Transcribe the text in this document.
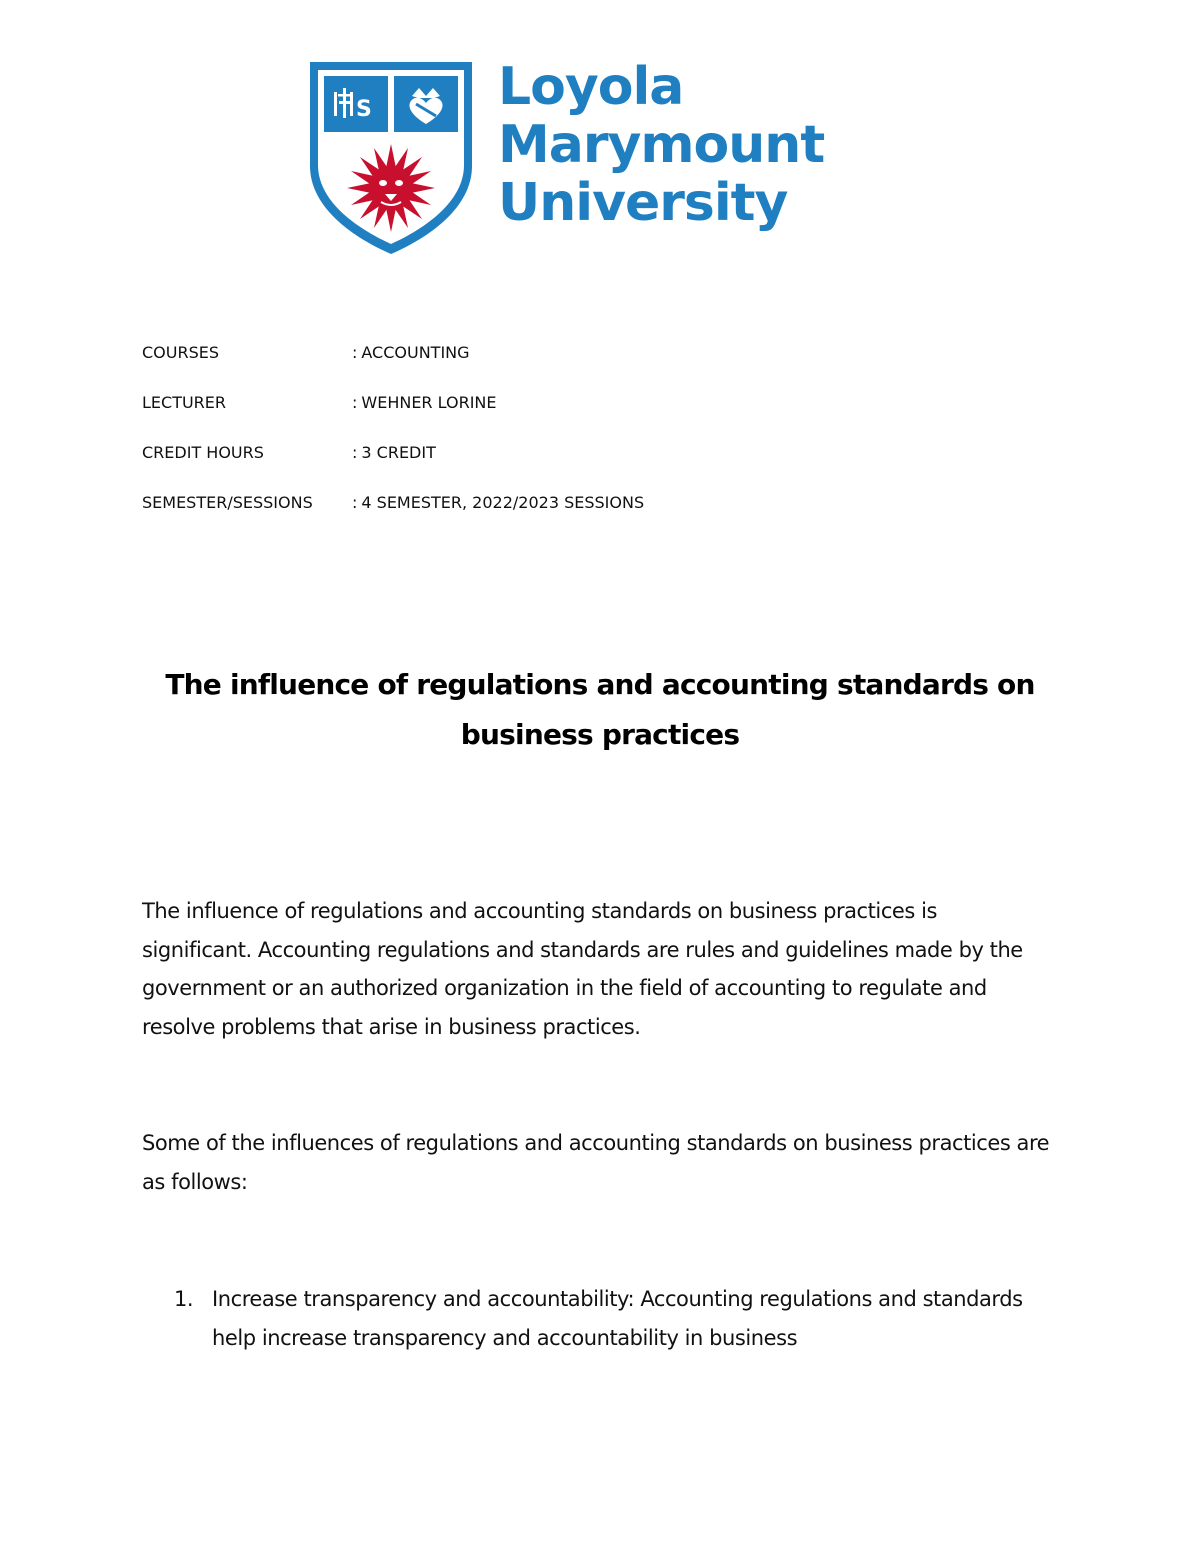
S Loyola
Marymount
University
COURSES	: ACCOUNTING
LECTURER	: WEHNER LORINE
CREDIT HOURS	: 3 CREDIT
SEMESTER/SESSIONS : 4 SEMESTER, 2022/2023 SESSIONS
The influence of regulations and accounting standards on
business practices

The influence of regulations and accounting standards on business practices is significant. Accounting regulations and standards are rules and guidelines made by the government or an authorized organization in the field of accounting to regulate and resolve problems that arise in business practices.

Some of the influences of regulations and accounting standards on business practices are as follows:

1. Increase transparency and accountability: Accounting regulations and standards help increase transparency and accountability in business
